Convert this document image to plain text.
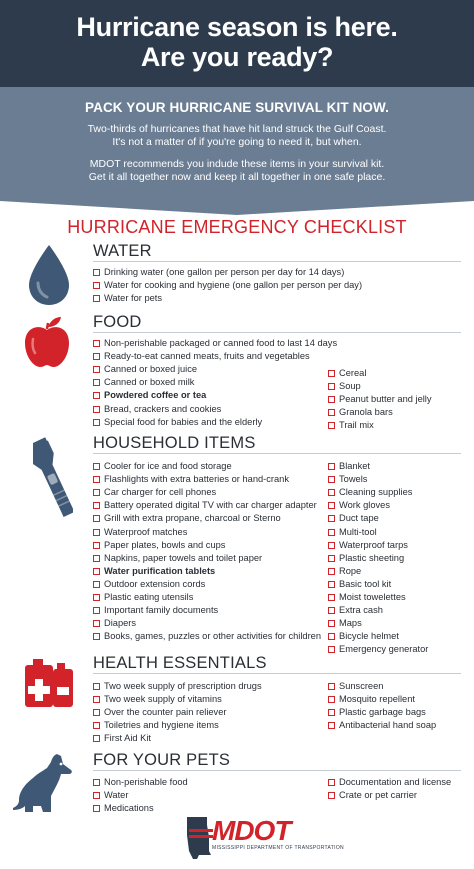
Hurricane season is here.
Are you ready?
PACK YOUR HURRICANE SURVIVAL KIT NOW.
Two-thirds of hurricanes that have hit land struck the Gulf Coast.
It's not a matter of if you're going to need it, but when.
MDOT recommends you indude these items in your survival kit.
Get it all together now and keep it all together in one safe place.
HURRICANE EMERGENCY CHECKLIST
WATER
FOOD
HOUSEHOLD ITEMS
HEALTH ESSENTIALS
FOR YOUR PETS
Drinking water (one gallon per person per day for 14 days)
Water for cooking and hygiene (one gallon per person per day)
Water for pets
Non-perishable packaged or canned food to last 14 days
Ready-to-eat canned meats, fruits and vegetables
Canned or boxed juice
Canned or boxed milk
Powdered coffee or tea
Bread, crackers and cookies
Special food for babies and the elderly
Cereal
Soup
Peanut butter and jelly
Granola bars
Trail mix
Cooler for ice and food storage
Flashlights with extra batteries or hand-crank
Car charger for cell phones
Battery operated digital TV with car charger adapter
Grill with extra propane, charcoal or Sterno
Waterproof matches
Paper plates, bowls and cups
Napkins, paper towels and toilet paper
Water purification tablets
Outdoor extension cords
Plastic eating utensils
Important family documents
Diapers
Books, games, puzzles or other activities for children
Blanket
Towels
Cleaning supplies
Work gloves
Duct tape
Multi-tool
Waterproof tarps
Plastic sheeting
Rope
Basic tool kit
Moist towelettes
Extra cash
Maps
Bicycle helmet
Emergency generator
Two week supply of prescription drugs
Two week supply of vitamins
Over the counter pain reliever
Toiletries and hygiene items
First Aid Kit
Sunscreen
Mosquito repellent
Plastic garbage bags
Antibacterial hand soap
Non-perishable food
Water
Medications
Documentation and license
Crate or pet carrier
MDOT
MISSISSIPPI DEPARTMENT OF TRANSPORTATION
